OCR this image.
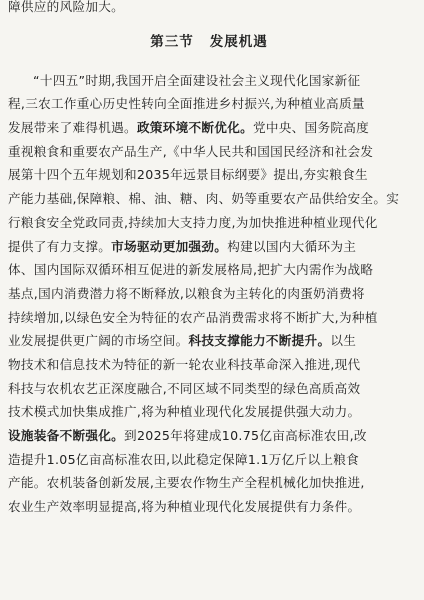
障供应的风险加大。
第三节 发展机遇
“十四五”时期,我国开启全面建设社会主义现代化国家新征
程,三农工作重心历史性转向全面推进乡村振兴,为种植业高质量
发展带来了难得机遇。政策环境不断优化。党中央、国务院高度
重视粮食和重要农产品生产,《中华人民共和国国民经济和社会发
展第十四个五年规划和2035年远景目标纲要》提出,夯实粮食生
产能力基础,保障粮、棉、油、糖、肉、奶等重要农产品供给安全。实
行粮食安全党政同责,持续加大支持力度,为加快推进种植业现代化
提供了有力支撑。市场驱动更加强劲。构建以国内大循环为主
体、国内国际双循环相互促进的新发展格局,把扩大内需作为战略
基点,国内消费潜力将不断释放,以粮食为主转化的肉蛋奶消费将
持续增加,以绿色安全为特征的农产品消费需求将不断扩大,为种植
业发展提供更广阔的市场空间。科技支撑能力不断提升。以生
物技术和信息技术为特征的新一轮农业科技革命深入推进,现代
科技与农机农艺正深度融合,不同区域不同类型的绿色高质高效
技术模式加快集成推广,将为种植业现代化发展提供强大动力。
设施装备不断强化。到2025年将建成10.75亿亩高标准农田,改
造提升1.05亿亩高标准农田,以此稳定保障1.1万亿斤以上粮食
产能。农机装备创新发展,主要农作物生产全程机械化加快推进,
农业生产效率明显提高,将为种植业现代化发展提供有力条件。
